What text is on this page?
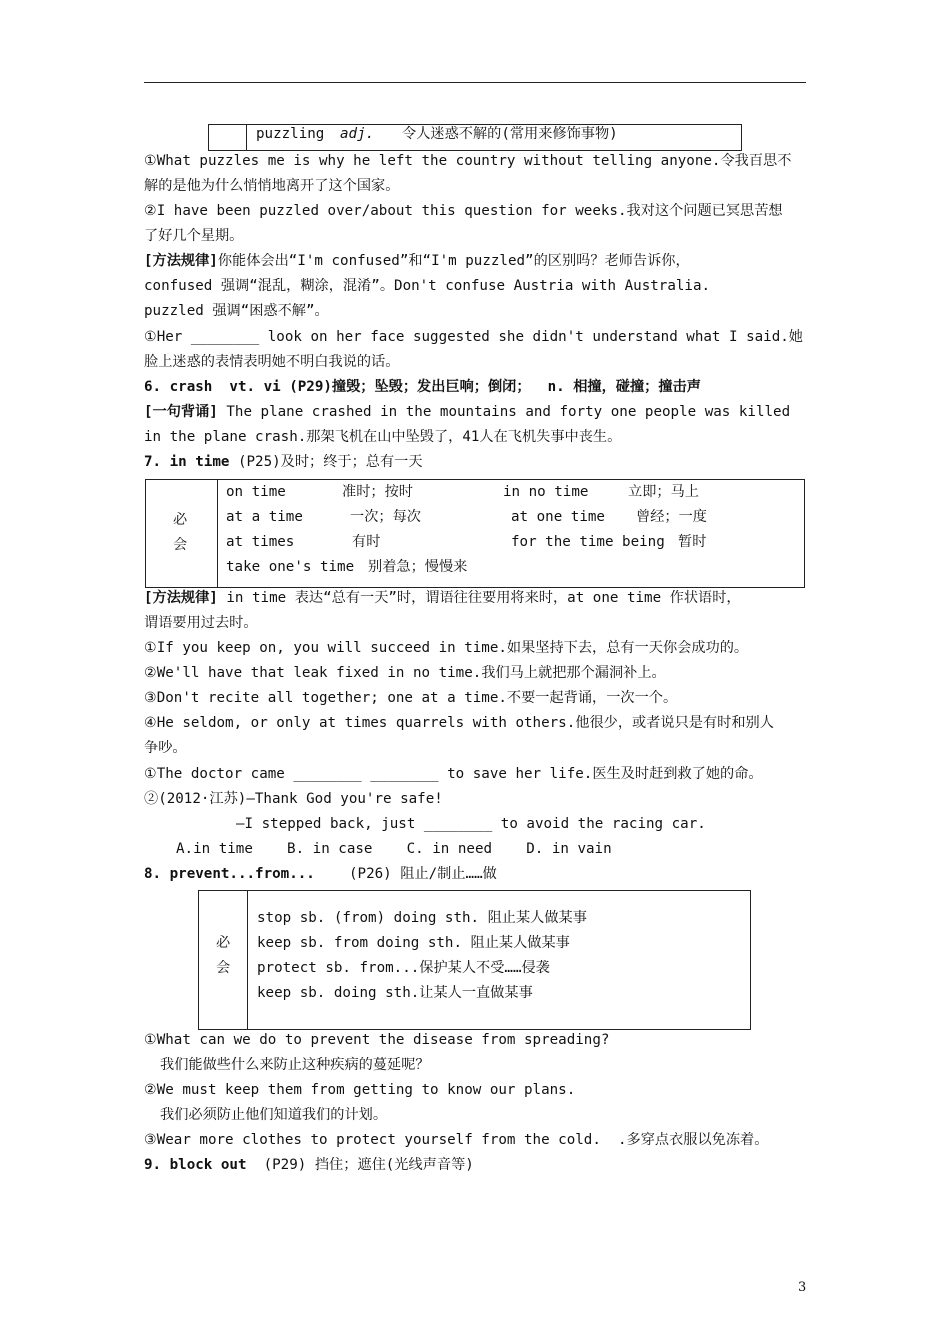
puzzling adj. 令人迷惑不解的(常用来修饰事物)
①What puzzles me is why he left the country without telling anyone.令我百思不
解的是他为什么悄悄地离开了这个国家。
②I have been puzzled over/about this question for weeks.我对这个问题已冥思苦想
了好几个星期。
[方法规律]你能体会出“I'm confused”和“I'm puzzled”的区别吗？老师告诉你，
confused 强调“混乱，糊涂，混淆”。Don't confuse Austria with Australia.
puzzled 强调“困惑不解”。
①Her ________ look on her face suggested she didn't understand what I said.她
脸上迷惑的表情表明她不明白我说的话。
6. crash  vt. vi (P29)撞毁；坠毁；发出巨响；倒闭；  n. 相撞，碰撞；撞击声
[一句背诵] The plane crashed in the mountains and forty one people was killed
in the plane crash.那架飞机在山中坠毁了，41人在飞机失事中丧生。
7. in time (P25)及时；终于；总有一天
必
会
on time	准时；按时	in no time	立即；马上
at a time	一次；每次	at one time 曾经；一度
at times	有时	for the time being 暂时
take one's time 别着急；慢慢来
[方法规律] in time 表达“总有一天”时，谓语往往要用将来时，at one time 作状语时，
谓语要用过去时。
①If you keep on, you will succeed in time.如果坚持下去，总有一天你会成功的。
②We'll have that leak fixed in no time.我们马上就把那个漏洞补上。
③Don't recite all together; one at a time.不要一起背诵，一次一个。
④He seldom, or only at times quarrels with others.他很少，或者说只是有时和别人
争吵。
①The doctor came ________ ________ to save her life.医生及时赶到救了她的命。
②(2012·江苏)—Thank God you're safe!
—I stepped back, just ________ to avoid the racing car.
A.in time    B. in case    C. in need    D. in vain
8. prevent...from...    (P26) 阻止/制止……做
必
会
stop sb. (from) doing sth. 阻止某人做某事
keep sb. from doing sth. 阻止某人做某事
protect sb. from...保护某人不受……侵袭
keep sb. doing sth.让某人一直做某事
①What can we do to prevent the disease from spreading?
我们能做些什么来防止这种疾病的蔓延呢？
②We must keep them from getting to know our plans.
我们必须防止他们知道我们的计划。
③Wear more clothes to protect yourself from the cold.  .多穿点衣服以免冻着。
9. block out  (P29) 挡住；遮住(光线声音等)
3
